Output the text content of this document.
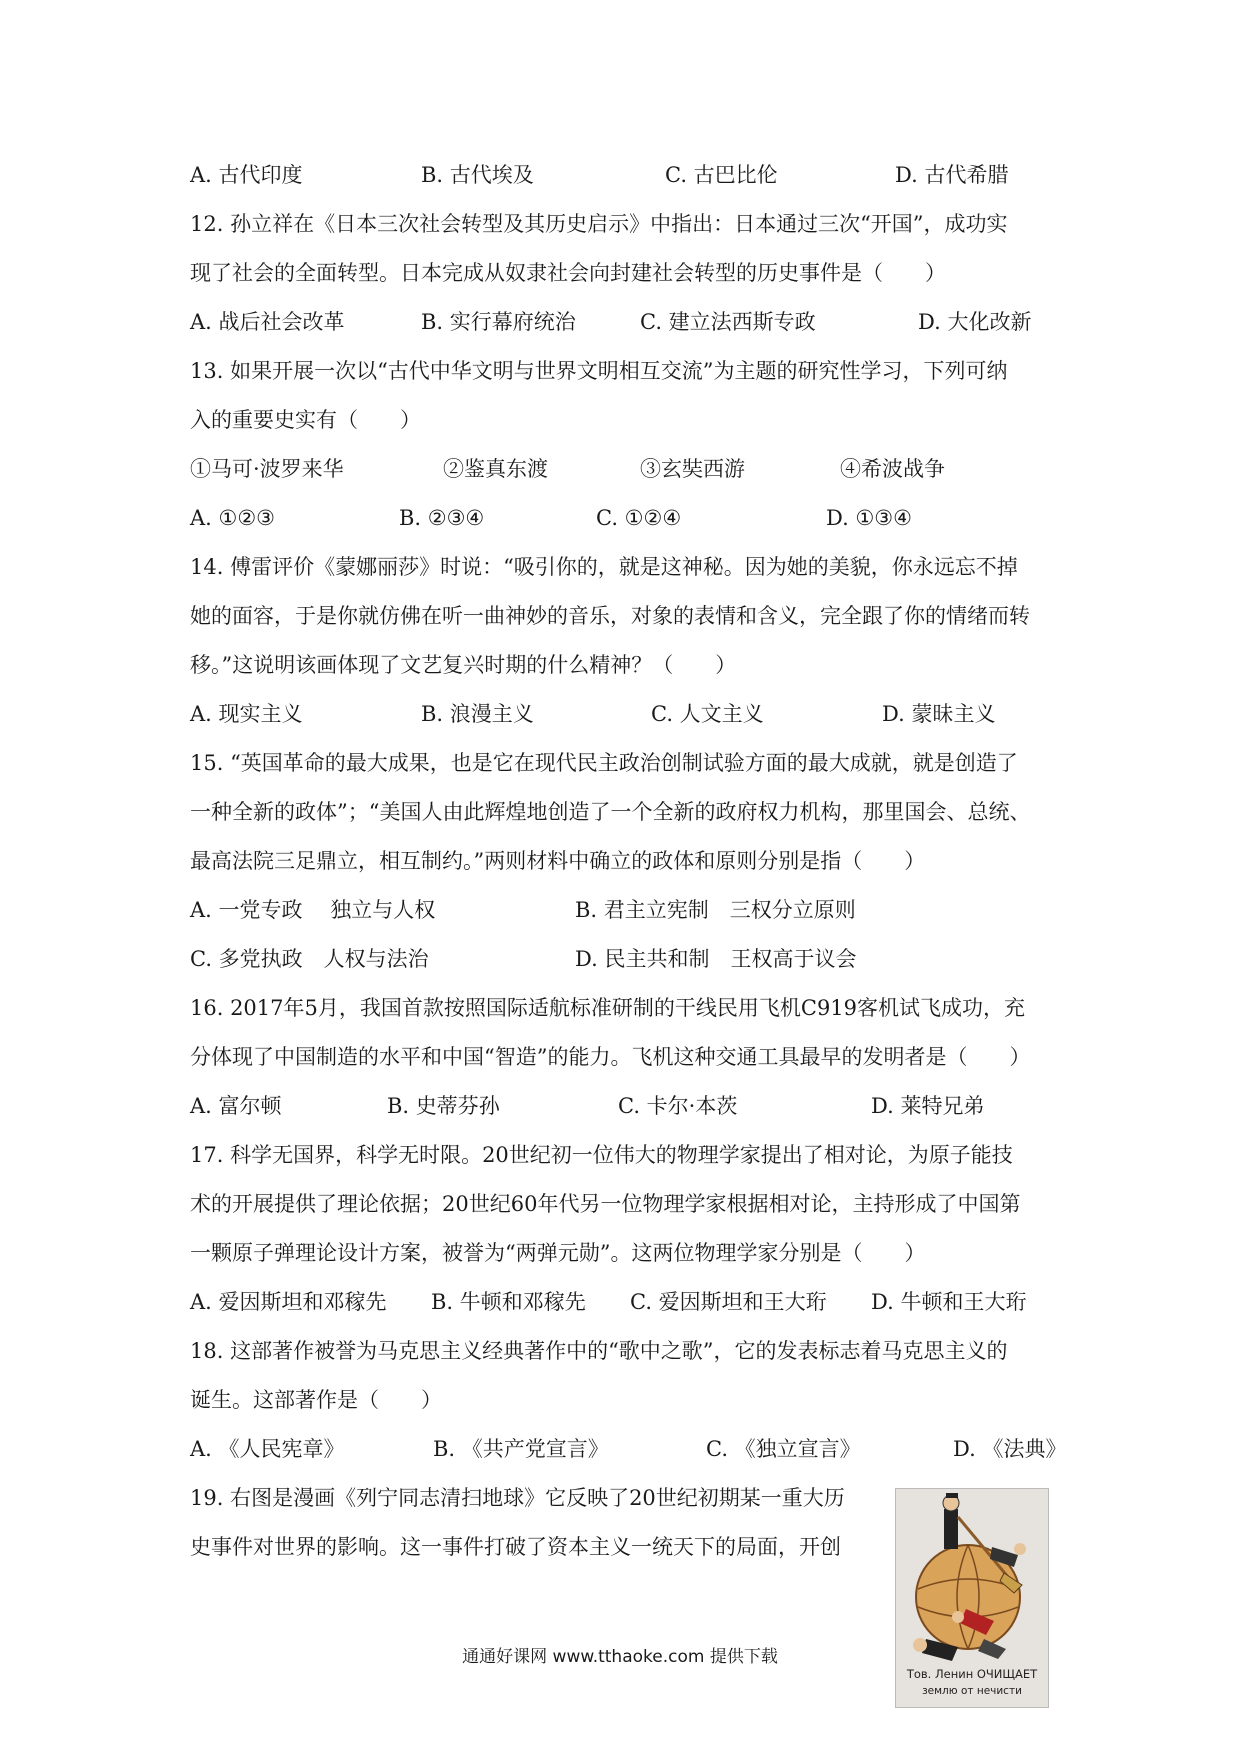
A. 古代印度	B. 古代埃及	C. 古巴比伦	D. 古代希腊
12. 孙立祥在《日本三次社会转型及其历史启示》中指出：日本通过三次“开国”，成功实
现了社会的全面转型。日本完成从奴隶社会向封建社会转型的历史事件是（　　）
A. 战后社会改革	B. 实行幕府统治	C. 建立法西斯专政	D. 大化改新
13. 如果开展一次以“古代中华文明与世界文明相互交流”为主题的研究性学习，下列可纳
入的重要史实有（　　）
①马可·波罗来华	②鉴真东渡	③玄奘西游	④希波战争
A. ①②③	B. ②③④	C. ①②④	D. ①③④
14. 傅雷评价《蒙娜丽莎》时说：“吸引你的，就是这神秘。因为她的美貌，你永远忘不掉
她的面容，于是你就仿佛在听一曲神妙的音乐，对象的表情和含义，完全跟了你的情绪而转
移。”这说明该画体现了文艺复兴时期的什么精神？（　　）
A. 现实主义	B. 浪漫主义	C. 人文主义	D. 蒙昧主义
15. “英国革命的最大成果，也是它在现代民主政治创制试验方面的最大成就，就是创造了
一种全新的政体”；“美国人由此辉煌地创造了一个全新的政府权力机构，那里国会、总统、
最高法院三足鼎立，相互制约。”两则材料中确立的政体和原则分别是指（　　）
A. 一党专政　 独立与人权	B. 君主立宪制　三权分立原则
C. 多党执政　人权与法治	D. 民主共和制　王权高于议会
16. 2017年5月，我国首款按照国际适航标准研制的干线民用飞机C919客机试飞成功，充
分体现了中国制造的水平和中国“智造”的能力。飞机这种交通工具最早的发明者是（　　）
A. 富尔顿	B. 史蒂芬孙	C. 卡尔·本茨	D. 莱特兄弟
17. 科学无国界，科学无时限。20世纪初一位伟大的物理学家提出了相对论，为原子能技
术的开展提供了理论依据；20世纪60年代另一位物理学家根据相对论，主持形成了中国第
一颗原子弹理论设计方案，被誉为“两弹元勋”。这两位物理学家分别是（　　）
A. 爱因斯坦和邓稼先 B. 牛顿和邓稼先 C. 爱因斯坦和王大珩 D. 牛顿和王大珩
18. 这部著作被誉为马克思主义经典著作中的“歌中之歌”，它的发表标志着马克思主义的
诞生。这部著作是（　　）
A. 《人民宪章》	B. 《共产党宣言》	C. 《独立宣言》	D. 《法典》
19. 右图是漫画《列宁同志清扫地球》它反映了20世纪初期某一重大历
史事件对世界的影响。这一事件打破了资本主义一统天下的局面，开创
Тов. Ленин ОЧИЩАЕТ
землю от нечисти
通通好课网 www.tthaoke.com 提供下载
